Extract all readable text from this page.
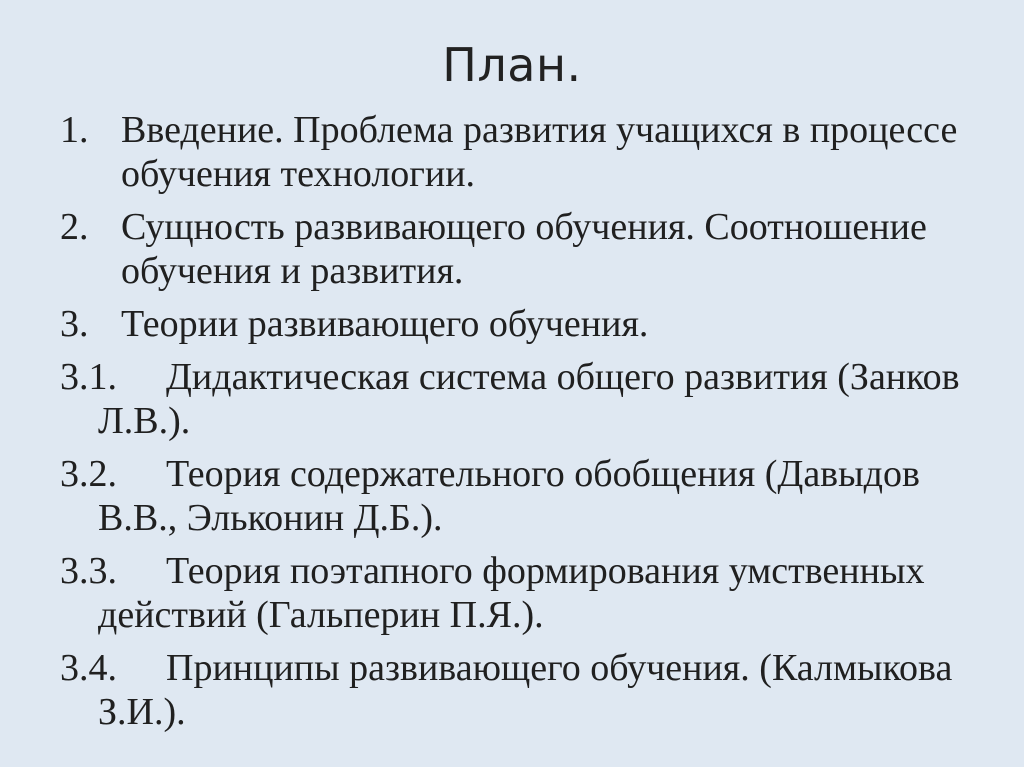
План.
1. Введение. Проблема развития учащихся в процессе обучения технологии.
2. Сущность развивающего обучения. Соотношение обучения и развития.
3. Теории развивающего обучения.
3.1.	Дидактическая система общего развития (Занков Л.В.).
3.2.	Теория содержательного обобщения (Давыдов В.В., Эльконин Д.Б.).
3.3.	Теория поэтапного формирования умственных действий (Гальперин П.Я.).
3.4.	Принципы развивающего обучения. (Калмыкова З.И.).
